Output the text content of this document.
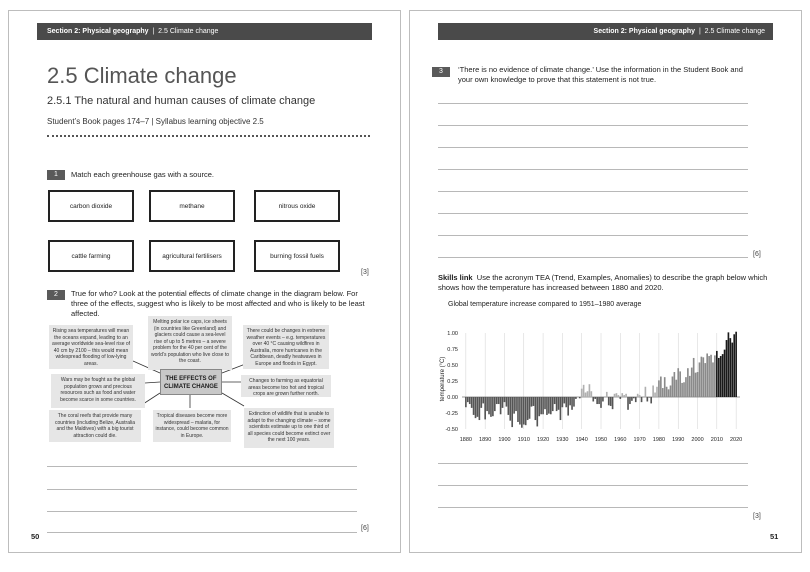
Section 2: Physical geography | 2.5 Climate change
2.5 Climate change
2.5.1 The natural and human causes of climate change
Student’s Book pages 174–7 | Syllabus learning objective 2.5
1	Match each greenhouse gas with a source.
carbon dioxide	methane	nitrous oxide
cattle farming	agricultural fertilisers	burning fossil fuels
[3]
2	True for who? Look at the potential effects of climate change in the diagram below. For three of the effects, suggest who is likely to be most affected and who is likely to be least affected.
Rising sea temperatures will mean the oceans expand, leading to an average worldwide sea-level rise of 40 cm by 2100 – this would mean widespread flooding of low-lying areas.
Melting polar ice caps, ice sheets (in countries like Greenland) and glaciers could cause a sea-level rise of up to 5 metres – a severe problem for the 40 per cent of the world’s population who live close to the coast.
There could be changes in extreme weather events – e.g. temperatures over 40 °C causing wildfires in Australia, more hurricanes in the Caribbean, deadly heatwaves in Europe and floods in Egypt.
Wars may be fought as the global population grows and precious resources such as food and water become scarce in some countries.
Changes to farming as equatorial areas become too hot and tropical crops are grown further north.
The coral reefs that provide many countries (including Belize, Australia and the Maldives) with a big tourist attraction could die.
Tropical diseases become more widespread – malaria, for instance, could become common in Europe.
Extinction of wildlife that is unable to adapt to the changing climate – some scientists estimate up to one third of all species could become extinct over the next 100 years.
THE EFFECTS OF CLIMATE CHANGE
[6]
50
Section 2: Physical geography | 2.5 Climate change
3	‘There is no evidence of climate change.’ Use the information in the Student Book and your own knowledge to prove that this statement is not true.
[6]
Skills link Use the acronym TEA (Trend, Examples, Anomalies) to describe the graph below which shows how the temperature has increased between 1880 and 2020.
Global temperature increase compared to 1951–1980 average
1.00
0.75
0.50
0.25
0.00
-0.25
-0.50
1880 1890 1900 1910 1920 1930 1940 1950 1960 1970 1980 1990 2000 2010 2020
temperature (°C)
[3]
51
